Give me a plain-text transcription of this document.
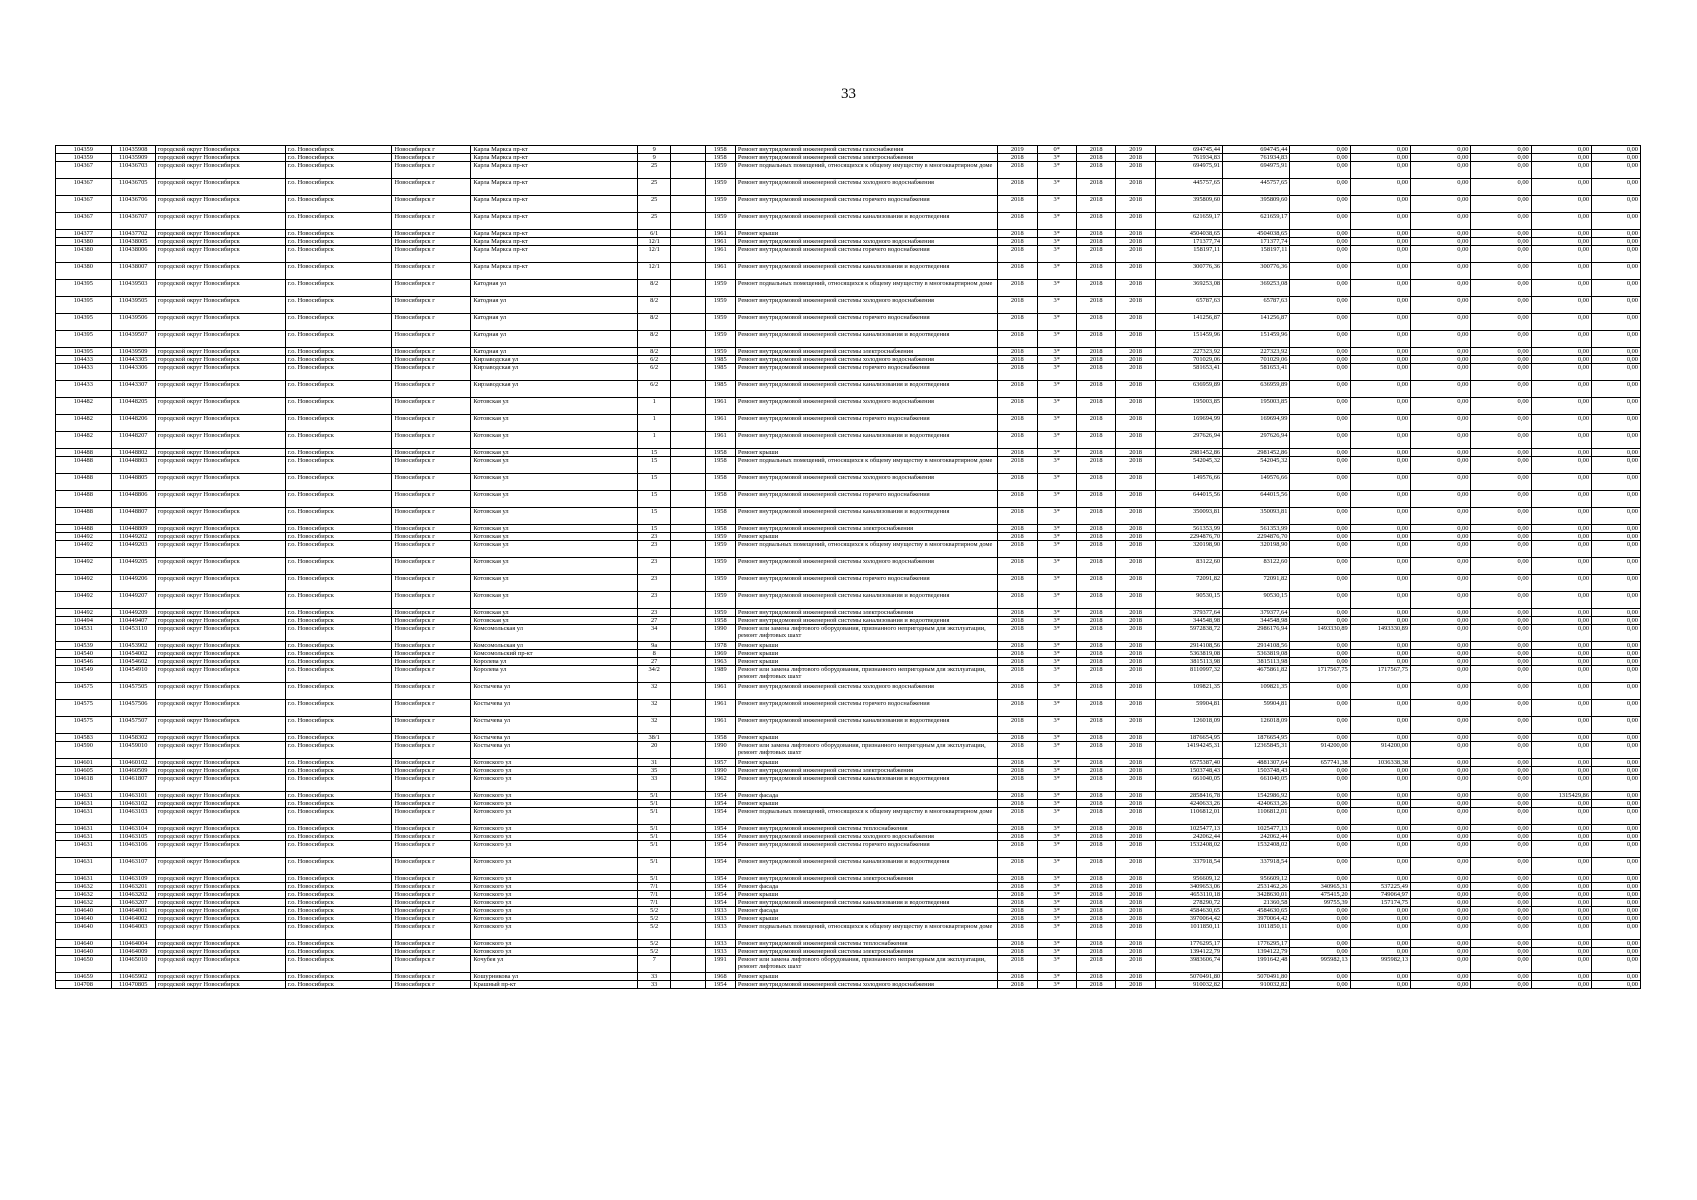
33
104359	110435908	городской округ Новосибирск	г.о. Новосибирск	Новосибирск г	Карла Маркса пр-кт	9		1958	Ремонт внутридомовой инженерной системы газоснабжения	2019	0*	2018	2019	694745,44	694745,44	0,00	0,00	0,00	0,00	0,00	0,00
104359	110435909	городской округ Новосибирск	г.о. Новосибирск	Новосибирск г	Карла Маркса пр-кт	9		1958	Ремонт внутридомовой инженерной системы электроснабжения	2018	3*	2018	2018	761934,83	761934,83	0,00	0,00	0,00	0,00	0,00	0,00
104367	110436703	городской округ Новосибирск	г.о. Новосибирск	Новосибирск г	Карла Маркса пр-кт	25		1959	Ремонт подвальных помещений, относящихся к общему имуществу в многоквартирном доме	2018	3*	2018	2018	694975,91	694975,91	0,00	0,00	0,00	0,00	0,00	0,00
104367	110436705	городской округ Новосибирск	г.о. Новосибирск	Новосибирск г	Карла Маркса пр-кт	25		1959	Ремонт внутридомовой инженерной системы холодного водоснабжения	2018	3*	2018	2018	445757,65	445757,65	0,00	0,00	0,00	0,00	0,00	0,00
104367	110436706	городской округ Новосибирск	г.о. Новосибирск	Новосибирск г	Карла Маркса пр-кт	25		1959	Ремонт внутридомовой инженерной системы горячего водоснабжения	2018	3*	2018	2018	395809,60	395809,60	0,00	0,00	0,00	0,00	0,00	0,00
104367	110436707	городской округ Новосибирск	г.о. Новосибирск	Новосибирск г	Карла Маркса пр-кт	25		1959	Ремонт внутридомовой инженерной системы канализования и водоотведения	2018	3*	2018	2018	621659,17	621659,17	0,00	0,00	0,00	0,00	0,00	0,00
104377	110437702	городской округ Новосибирск	г.о. Новосибирск	Новосибирск г	Карла Маркса пр-кт	6/1		1961	Ремонт крыши	2018	3*	2018	2018	4504038,65	4504038,65	0,00	0,00	0,00	0,00	0,00	0,00
104380	110438005	городской округ Новосибирск	г.о. Новосибирск	Новосибирск г	Карла Маркса пр-кт	12/1		1961	Ремонт внутридомовой инженерной системы холодного водоснабжения	2018	3*	2018	2018	171377,74	171377,74	0,00	0,00	0,00	0,00	0,00	0,00
104380	110438006	городской округ Новосибирск	г.о. Новосибирск	Новосибирск г	Карла Маркса пр-кт	12/1		1961	Ремонт внутридомовой инженерной системы горячего водоснабжения	2018	3*	2018	2018	158197,11	158197,11	0,00	0,00	0,00	0,00	0,00	0,00
104380	110438007	городской округ Новосибирск	г.о. Новосибирск	Новосибирск г	Карла Маркса пр-кт	12/1		1961	Ремонт внутридомовой инженерной системы канализования и водоотведения	2018	3*	2018	2018	300776,36	300776,36	0,00	0,00	0,00	0,00	0,00	0,00
104395	110439503	городской округ Новосибирск	г.о. Новосибирск	Новосибирск г	Катодная ул	8/2		1959	Ремонт подвальных помещений, относящихся к общему имуществу в многоквартирном доме	2018	3*	2018	2018	369253,08	369253,08	0,00	0,00	0,00	0,00	0,00	0,00
104395	110439505	городской округ Новосибирск	г.о. Новосибирск	Новосибирск г	Катодная ул	8/2		1959	Ремонт внутридомовой инженерной системы холодного водоснабжения	2018	3*	2018	2018	65787,63	65787,63	0,00	0,00	0,00	0,00	0,00	0,00
104395	110439506	городской округ Новосибирск	г.о. Новосибирск	Новосибирск г	Катодная ул	8/2		1959	Ремонт внутридомовой инженерной системы горячего водоснабжения	2018	3*	2018	2018	141256,87	141256,87	0,00	0,00	0,00	0,00	0,00	0,00
104395	110439507	городской округ Новосибирск	г.о. Новосибирск	Новосибирск г	Катодная ул	8/2		1959	Ремонт внутридомовой инженерной системы канализования и водоотведения	2018	3*	2018	2018	151459,96	151459,96	0,00	0,00	0,00	0,00	0,00	0,00
104395	110439509	городской округ Новосибирск	г.о. Новосибирск	Новосибирск г	Катодная ул	8/2		1959	Ремонт внутридомовой инженерной системы электроснабжения	2018	3*	2018	2018	227323,92	227323,92	0,00	0,00	0,00	0,00	0,00	0,00
104433	110443305	городской округ Новосибирск	г.о. Новосибирск	Новосибирск г	Кирзаводская ул	6/2		1985	Ремонт внутридомовой инженерной системы холодного водоснабжения	2018	3*	2018	2018	701029,06	701029,06	0,00	0,00	0,00	0,00	0,00	0,00
104433	110443306	городской округ Новосибирск	г.о. Новосибирск	Новосибирск г	Кирзаводская ул	6/2		1985	Ремонт внутридомовой инженерной системы горячего водоснабжения	2018	3*	2018	2018	581653,41	581653,41	0,00	0,00	0,00	0,00	0,00	0,00
104433	110443307	городской округ Новосибирск	г.о. Новосибирск	Новосибирск г	Кирзаводская ул	6/2		1985	Ремонт внутридомовой инженерной системы канализования и водоотведения	2018	3*	2018	2018	636959,89	636959,89	0,00	0,00	0,00	0,00	0,00	0,00
104482	110448205	городской округ Новосибирск	г.о. Новосибирск	Новосибирск г	Котовская ул	1		1961	Ремонт внутридомовой инженерной системы холодного водоснабжения	2018	3*	2018	2018	195003,85	195003,85	0,00	0,00	0,00	0,00	0,00	0,00
104482	110448206	городской округ Новосибирск	г.о. Новосибирск	Новосибирск г	Котовская ул	1		1961	Ремонт внутридомовой инженерной системы горячего водоснабжения	2018	3*	2018	2018	169694,99	169694,99	0,00	0,00	0,00	0,00	0,00	0,00
104482	110448207	городской округ Новосибирск	г.о. Новосибирск	Новосибирск г	Котовская ул	1		1961	Ремонт внутридомовой инженерной системы канализования и водоотведения	2018	3*	2018	2018	297626,94	297626,94	0,00	0,00	0,00	0,00	0,00	0,00
104488	110448802	городской округ Новосибирск	г.о. Новосибирск	Новосибирск г	Котовская ул	15		1958	Ремонт крыши	2018	3*	2018	2018	2981452,86	2981452,86	0,00	0,00	0,00	0,00	0,00	0,00
104488	110448803	городской округ Новосибирск	г.о. Новосибирск	Новосибирск г	Котовская ул	15		1958	Ремонт подвальных помещений, относящихся к общему имуществу в многоквартирном доме	2018	3*	2018	2018	542045,32	542045,32	0,00	0,00	0,00	0,00	0,00	0,00
104488	110448805	городской округ Новосибирск	г.о. Новосибирск	Новосибирск г	Котовская ул	15		1958	Ремонт внутридомовой инженерной системы холодного водоснабжения	2018	3*	2018	2018	149576,66	149576,66	0,00	0,00	0,00	0,00	0,00	0,00
104488	110448806	городской округ Новосибирск	г.о. Новосибирск	Новосибирск г	Котовская ул	15		1958	Ремонт внутридомовой инженерной системы горячего водоснабжения	2018	3*	2018	2018	644015,56	644015,56	0,00	0,00	0,00	0,00	0,00	0,00
104488	110448807	городской округ Новосибирск	г.о. Новосибирск	Новосибирск г	Котовская ул	15		1958	Ремонт внутридомовой инженерной системы канализования и водоотведения	2018	3*	2018	2018	350093,81	350093,81	0,00	0,00	0,00	0,00	0,00	0,00
104488	110448809	городской округ Новосибирск	г.о. Новосибирск	Новосибирск г	Котовская ул	15		1958	Ремонт внутридомовой инженерной системы электроснабжения	2018	3*	2018	2018	561353,99	561353,99	0,00	0,00	0,00	0,00	0,00	0,00
104492	110449202	городской округ Новосибирск	г.о. Новосибирск	Новосибирск г	Котовская ул	23		1959	Ремонт крыши	2018	3*	2018	2018	2294876,70	2294876,70	0,00	0,00	0,00	0,00	0,00	0,00
104492	110449203	городской округ Новосибирск	г.о. Новосибирск	Новосибирск г	Котовская ул	23		1959	Ремонт подвальных помещений, относящихся к общему имуществу в многоквартирном доме	2018	3*	2018	2018	320198,90	320198,90	0,00	0,00	0,00	0,00	0,00	0,00
104492	110449205	городской округ Новосибирск	г.о. Новосибирск	Новосибирск г	Котовская ул	23		1959	Ремонт внутридомовой инженерной системы холодного водоснабжения	2018	3*	2018	2018	83122,60	83122,60	0,00	0,00	0,00	0,00	0,00	0,00
104492	110449206	городской округ Новосибирск	г.о. Новосибирск	Новосибирск г	Котовская ул	23		1959	Ремонт внутридомовой инженерной системы горячего водоснабжения	2018	3*	2018	2018	72091,82	72091,82	0,00	0,00	0,00	0,00	0,00	0,00
104492	110449207	городской округ Новосибирск	г.о. Новосибирск	Новосибирск г	Котовская ул	23		1959	Ремонт внутридомовой инженерной системы канализования и водоотведения	2018	3*	2018	2018	90530,15	90530,15	0,00	0,00	0,00	0,00	0,00	0,00
104492	110449209	городской округ Новосибирск	г.о. Новосибирск	Новосибирск г	Котовская ул	23		1959	Ремонт внутридомовой инженерной системы электроснабжения	2018	3*	2018	2018	379377,64	379377,64	0,00	0,00	0,00	0,00	0,00	0,00
104494	110449407	городской округ Новосибирск	г.о. Новосибирск	Новосибирск г	Котовская ул	27		1958	Ремонт внутридомовой инженерной системы канализования и водоотведения	2018	3*	2018	2018	344548,98	344548,98	0,00	0,00	0,00	0,00	0,00	0,00
104531	110453110	городской округ Новосибирск	г.о. Новосибирск	Новосибирск г	Комсомольская ул	34		1990	Ремонт или замена лифтового оборудования, признанного непригодным для эксплуатации, ремонт лифтовых шахт	2018	3*	2018	2018	5972838,72	2986176,94	1493330,89	1493330,89	0,00	0,00	0,00	0,00
104539	110453902	городской округ Новосибирск	г.о. Новосибирск	Новосибирск г	Комсомольская ул	9а		1978	Ремонт крыши	2018	3*	2018	2018	2914108,56	2914108,56	0,00	0,00	0,00	0,00	0,00	0,00
104540	110454002	городской округ Новосибирск	г.о. Новосибирск	Новосибирск г	Комсомольский пр-кт	8		1969	Ремонт крыши	2018	3*	2018	2018	5363819,08	5363819,08	0,00	0,00	0,00	0,00	0,00	0,00
104546	110454602	городской округ Новосибирск	г.о. Новосибирск	Новосибирск г	Королева ул	27		1963	Ремонт крыши	2018	3*	2018	2018	3815113,98	3815113,98	0,00	0,00	0,00	0,00	0,00	0,00
104549	110454910	городской округ Новосибирск	г.о. Новосибирск	Новосибирск г	Королева ул	34/2		1989	Ремонт или замена лифтового оборудования, признанного непригодным для эксплуатации, ремонт лифтовых шахт	2018	3*	2018	2018	8110997,32	4675861,82	1717567,75	1717567,75	0,00	0,00	0,00	0,00
104575	110457505	городской округ Новосибирск	г.о. Новосибирск	Новосибирск г	Костычева ул	32		1961	Ремонт внутридомовой инженерной системы холодного водоснабжения	2018	3*	2018	2018	109821,35	109821,35	0,00	0,00	0,00	0,00	0,00	0,00
104575	110457506	городской округ Новосибирск	г.о. Новосибирск	Новосибирск г	Костычева ул	32		1961	Ремонт внутридомовой инженерной системы горячего водоснабжения	2018	3*	2018	2018	59904,81	59904,81	0,00	0,00	0,00	0,00	0,00	0,00
104575	110457507	городской округ Новосибирск	г.о. Новосибирск	Новосибирск г	Костычева ул	32		1961	Ремонт внутридомовой инженерной системы канализования и водоотведения	2018	3*	2018	2018	126018,09	126018,09	0,00	0,00	0,00	0,00	0,00	0,00
104583	110458302	городской округ Новосибирск	г.о. Новосибирск	Новосибирск г	Костычева ул	38/1		1958	Ремонт крыши	2018	3*	2018	2018	1876654,95	1876654,95	0,00	0,00	0,00	0,00	0,00	0,00
104590	110459010	городской округ Новосибирск	г.о. Новосибирск	Новосибирск г	Костычева ул	20		1990	Ремонт или замена лифтового оборудования, признанного непригодным для эксплуатации, ремонт лифтовых шахт	2018	3*	2018	2018	14194245,31	12365845,31	914200,00	914200,00	0,00	0,00	0,00	0,00
104601	110460102	городской округ Новосибирск	г.о. Новосибирск	Новосибирск г	Котовского ул	31		1957	Ремонт крыши	2018	3*	2018	2018	6575387,40	4881307,64	657741,38	1036338,38	0,00	0,00	0,00	0,00
104605	110460509	городской округ Новосибирск	г.о. Новосибирск	Новосибирск г	Котовского ул	35		1990	Ремонт внутридомовой инженерной системы электроснабжения	2018	3*	2018	2018	1503748,43	1503748,43	0,00	0,00	0,00	0,00	0,00	0,00
104618	110461807	городской округ Новосибирск	г.о. Новосибирск	Новосибирск г	Котовского ул	33		1962	Ремонт внутридомовой инженерной системы канализования и водоотведения	2018	3*	2018	2018	661040,05	661040,05	0,00	0,00	0,00	0,00	0,00	0,00
104631	110463101	городской округ Новосибирск	г.о. Новосибирск	Новосибирск г	Котовского ул	5/1		1954	Ремонт фасада	2018	3*	2018	2018	2858416,78	1542986,92	0,00	0,00	0,00	0,00	1315429,86	0,00
104631	110463102	городской округ Новосибирск	г.о. Новосибирск	Новосибирск г	Котовского ул	5/1		1954	Ремонт крыши	2018	3*	2018	2018	4240633,26	4240633,26	0,00	0,00	0,00	0,00	0,00	0,00
104631	110463103	городской округ Новосибирск	г.о. Новосибирск	Новосибирск г	Котовского ул	5/1		1954	Ремонт подвальных помещений, относящихся к общему имуществу в многоквартирном доме	2018	3*	2018	2018	1106812,01	1106812,01	0,00	0,00	0,00	0,00	0,00	0,00
104631	110463104	городской округ Новосибирск	г.о. Новосибирск	Новосибирск г	Котовского ул	5/1		1954	Ремонт внутридомовой инженерной системы теплоснабжения	2018	3*	2018	2018	1025477,13	1025477,13	0,00	0,00	0,00	0,00	0,00	0,00
104631	110463105	городской округ Новосибирск	г.о. Новосибирск	Новосибирск г	Котовского ул	5/1		1954	Ремонт внутридомовой инженерной системы холодного водоснабжения	2018	3*	2018	2018	242062,44	242062,44	0,00	0,00	0,00	0,00	0,00	0,00
104631	110463106	городской округ Новосибирск	г.о. Новосибирск	Новосибирск г	Котовского ул	5/1		1954	Ремонт внутридомовой инженерной системы горячего водоснабжения	2018	3*	2018	2018	1532408,02	1532408,02	0,00	0,00	0,00	0,00	0,00	0,00
104631	110463107	городской округ Новосибирск	г.о. Новосибирск	Новосибирск г	Котовского ул	5/1		1954	Ремонт внутридомовой инженерной системы канализования и водоотведения	2018	3*	2018	2018	337918,54	337918,54	0,00	0,00	0,00	0,00	0,00	0,00
104631	110463109	городской округ Новосибирск	г.о. Новосибирск	Новосибирск г	Котовского ул	5/1		1954	Ремонт внутридомовой инженерной системы электроснабжения	2018	3*	2018	2018	956609,12	956609,12	0,00	0,00	0,00	0,00	0,00	0,00
104632	110463201	городской округ Новосибирск	г.о. Новосибирск	Новосибирск г	Котовского ул	7/1		1954	Ремонт фасада	2018	3*	2018	2018	3409653,06	2531462,26	340965,31	537225,49	0,00	0,00	0,00	0,00
104632	110463202	городской округ Новосибирск	г.о. Новосибирск	Новосибирск г	Котовского ул	7/1		1954	Ремонт крыши	2018	3*	2018	2018	4653110,18	3428630,01	475415,20	749064,97	0,00	0,00	0,00	0,00
104632	110463207	городской округ Новосибирск	г.о. Новосибирск	Новосибирск г	Котовского ул	7/1		1954	Ремонт внутридомовой инженерной системы канализования и водоотведения	2018	3*	2018	2018	278290,72	21360,58	99755,39	157174,75	0,00	0,00	0,00	0,00
104640	110464001	городской округ Новосибирск	г.о. Новосибирск	Новосибирск г	Котовского ул	5/2		1933	Ремонт фасада	2018	3*	2018	2018	4584630,65	4584630,65	0,00	0,00	0,00	0,00	0,00	0,00
104640	110464002	городской округ Новосибирск	г.о. Новосибирск	Новосибирск г	Котовского ул	5/2		1933	Ремонт крыши	2018	3*	2018	2018	3970064,42	3970064,42	0,00	0,00	0,00	0,00	0,00	0,00
104640	110464003	городской округ Новосибирск	г.о. Новосибирск	Новосибирск г	Котовского ул	5/2		1933	Ремонт подвальных помещений, относящихся к общему имуществу в многоквартирном доме	2018	3*	2018	2018	1011850,11	1011850,11	0,00	0,00	0,00	0,00	0,00	0,00
104640	110464004	городской округ Новосибирск	г.о. Новосибирск	Новосибирск г	Котовского ул	5/2		1933	Ремонт внутридомовой инженерной системы теплоснабжения	2018	3*	2018	2018	1776295,17	1776295,17	0,00	0,00	0,00	0,00	0,00	0,00
104640	110464009	городской округ Новосибирск	г.о. Новосибирск	Новосибирск г	Котовского ул	5/2		1933	Ремонт внутридомовой инженерной системы электроснабжения	2018	3*	2018	2018	1394122,79	1394122,79	0,00	0,00	0,00	0,00	0,00	0,00
104650	110465010	городской округ Новосибирск	г.о. Новосибирск	Новосибирск г	Кочубея ул	7		1991	Ремонт или замена лифтового оборудования, признанного непригодным для эксплуатации, ремонт лифтовых шахт	2018	3*	2018	2018	3983606,74	1991642,48	995982,13	995982,13	0,00	0,00	0,00	0,00
104659	110465902	городской округ Новосибирск	г.о. Новосибирск	Новосибирск г	Кошурникова ул	33		1968	Ремонт крыши	2018	3*	2018	2018	5070491,80	5070491,80	0,00	0,00	0,00	0,00	0,00	0,00
104708	110470805	городской округ Новосибирск	г.о. Новосибирск	Новосибирск г	Крашный пр-кт	33		1954	Ремонт внутридомовой инженерной системы холодного водоснабжения	2018	3*	2018	2018	910032,82	910032,82	0,00	0,00	0,00	0,00	0,00	0,00
